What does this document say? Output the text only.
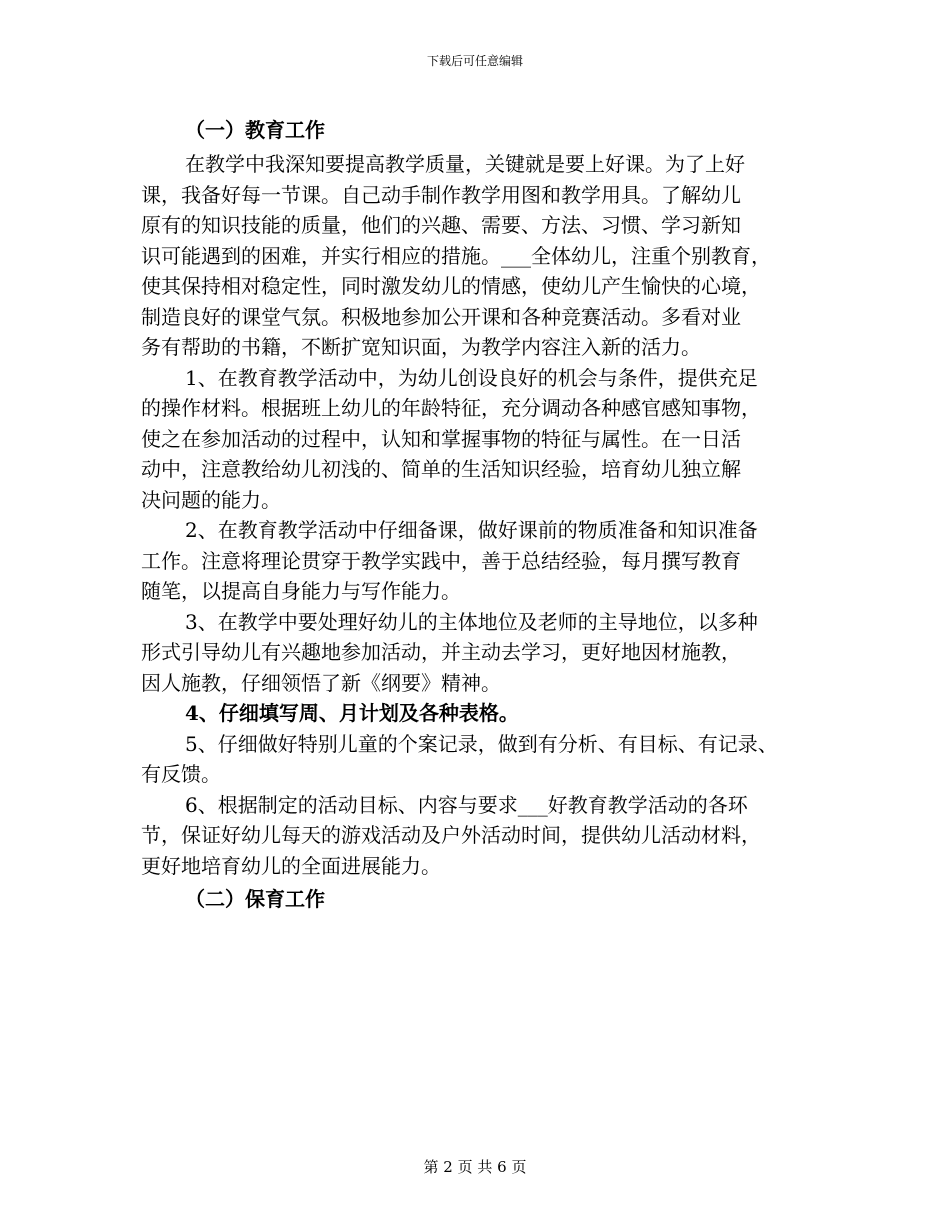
下载后可任意编辑
（一）教育工作
在教学中我深知要提高教学质量，关键就是要上好课。为了上好
课，我备好每一节课。自己动手制作教学用图和教学用具。了解幼儿
原有的知识技能的质量，他们的兴趣、需要、方法、习惯、学习新知
识可能遇到的困难，并实行相应的措施。___全体幼儿，注重个别教育，
使其保持相对稳定性，同时激发幼儿的情感，使幼儿产生愉快的心境，
制造良好的课堂气氛。积极地参加公开课和各种竞赛活动。多看对业
务有帮助的书籍，不断扩宽知识面，为教学内容注入新的活力。
1、在教育教学活动中，为幼儿创设良好的机会与条件，提供充足
的操作材料。根据班上幼儿的年龄特征，充分调动各种感官感知事物，
使之在参加活动的过程中，认知和掌握事物的特征与属性。在一日活
动中，注意教给幼儿初浅的、简单的生活知识经验，培育幼儿独立解
决问题的能力。
2、在教育教学活动中仔细备课，做好课前的物质准备和知识准备
工作。注意将理论贯穿于教学实践中，善于总结经验，每月撰写教育
随笔，以提高自身能力与写作能力。
3、在教学中要处理好幼儿的主体地位及老师的主导地位，以多种
形式引导幼儿有兴趣地参加活动，并主动去学习，更好地因材施教，
因人施教，仔细领悟了新《纲要》精神。
4、仔细填写周、月计划及各种表格。
5、仔细做好特别儿童的个案记录，做到有分析、有目标、有记录、
有反馈。
6、根据制定的活动目标、内容与要求___好教育教学活动的各环
节，保证好幼儿每天的游戏活动及户外活动时间，提供幼儿活动材料，
更好地培育幼儿的全面进展能力。
（二）保育工作
第 2 页 共 6 页
